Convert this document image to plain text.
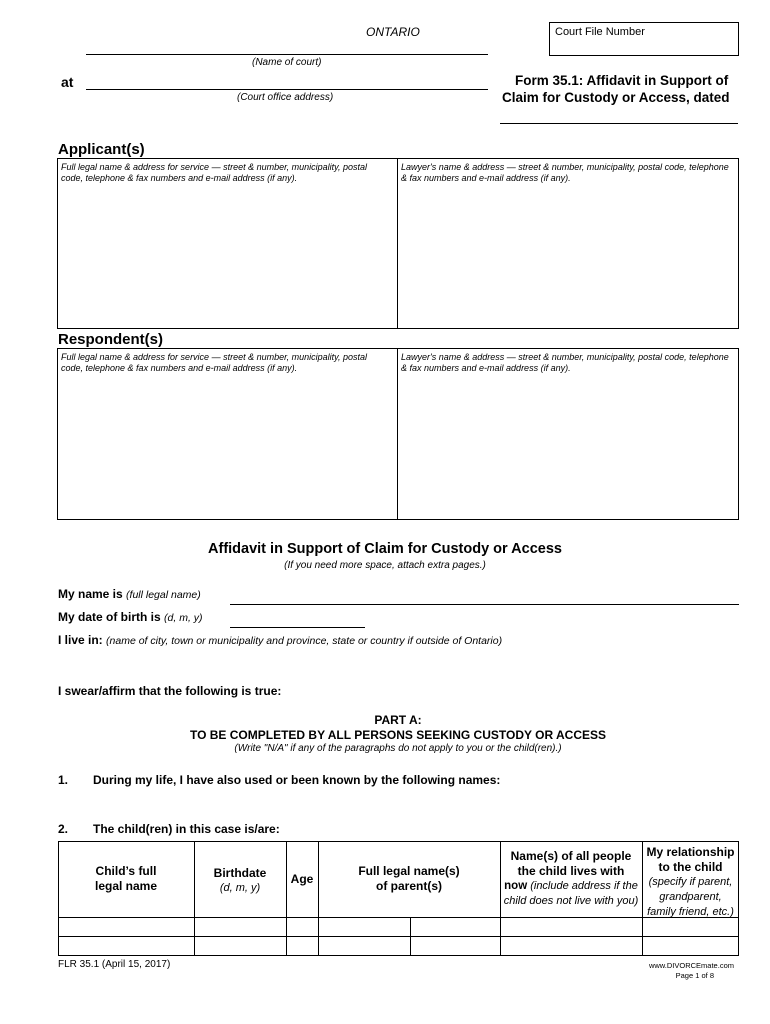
ONTARIO	Court File Number
(Name of court)
at
(Court office address)
Form 35.1: Affidavit in Support of
Claim for Custody or Access, dated
Applicant(s)
Full legal name & address for service — street & number, municipality, postal code, telephone & fax numbers and e-mail address (if any).
Lawyer's name & address — street & number, municipality, postal code, telephone & fax numbers and e-mail address (if any).
Respondent(s)
Full legal name & address for service — street & number, municipality, postal code, telephone & fax numbers and e-mail address (if any).
Lawyer's name & address — street & number, municipality, postal code, telephone & fax numbers and e-mail address (if any).
Affidavit in Support of Claim for Custody or Access
(If you need more space, attach extra pages.)
My name is (full legal name)
My date of birth is (d, m, y)
I live in: (name of city, town or municipality and province, state or country if outside of Ontario)
I swear/affirm that the following is true:
PART A:
TO BE COMPLETED BY ALL PERSONS SEEKING CUSTODY OR ACCESS
(Write "N/A" if any of the paragraphs do not apply to you or the child(ren).)
1. During my life, I have also used or been known by the following names:
2. The child(ren) in this case is/are:
Child’s full
legal name
Birthdate
(d, m, y)
Age
Full legal name(s)
of parent(s)
Name(s) of all people
the child lives with
now (include address if the
child does not live with you)
My relationship
to the child
(specify if parent,
grandparent,
family friend, etc.)
FLR 35.1 (April 15, 2017)	www.DIVORCEmate.com
Page 1 of 8
